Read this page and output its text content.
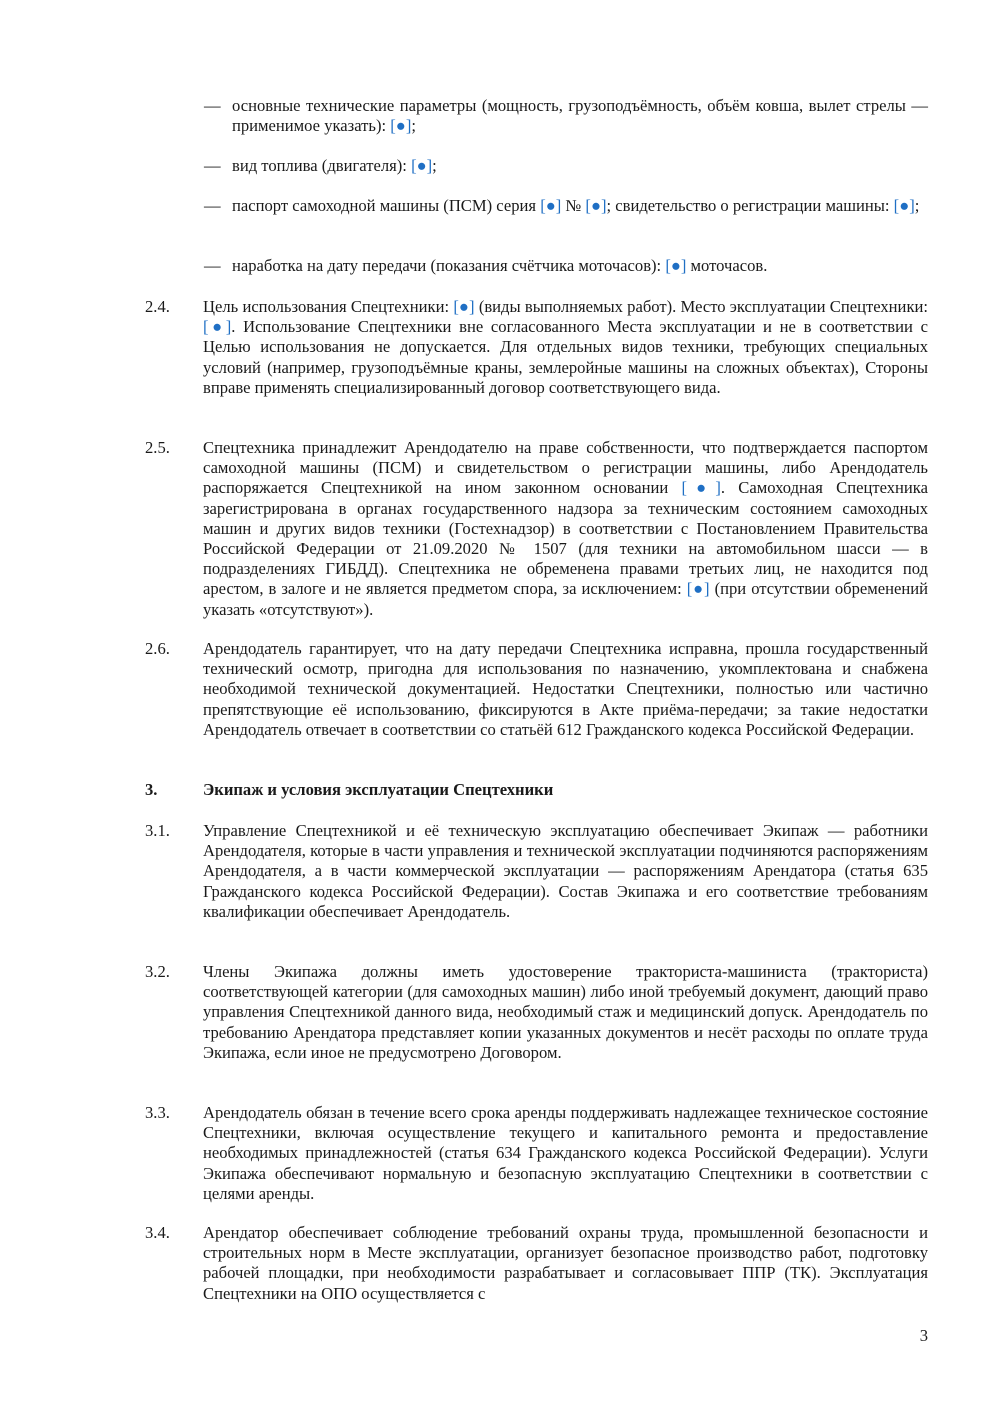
— основные технические параметры (мощность, грузоподъёмность, объём ковша, вылет стрелы — применимое указать): [●];
— вид топлива (двигателя): [●];
— паспорт самоходной машины (ПСМ) серия [●] № [●]; свидетельство о регистрации машины: [●];
— наработка на дату передачи (показания счётчика моточасов): [●] моточасов.
2.4. Цель использования Спецтехники: [●] (виды выполняемых работ). Место эксплуатации Спецтехники: [●]. Использование Спецтехники вне согласованного Места эксплуатации и не в соответствии с Целью использования не допускается. Для отдельных видов техники, требующих специальных условий (например, грузоподъёмные краны, землеройные машины на сложных объектах), Стороны вправе применять специализированный договор соответствующего вида.
2.5. Спецтехника принадлежит Арендодателю на праве собственности, что подтверждается паспортом самоходной машины (ПСМ) и свидетельством о регистрации машины, либо Арендодатель распоряжается Спецтехникой на ином законном основании [●]. Самоходная Спецтехника зарегистрирована в органах государственного надзора за техническим состоянием самоходных машин и других видов техники (Гостехнадзор) в соответствии с Постановлением Правительства Российской Федерации от 21.09.2020 № 1507 (для техники на автомобильном шасси — в подразделениях ГИБДД). Спецтехника не обременена правами третьих лиц, не находится под арестом, в залоге и не является предметом спора, за исключением: [●] (при отсутствии обременений указать «отсутствуют»).
2.6. Арендодатель гарантирует, что на дату передачи Спецтехника исправна, прошла государственный технический осмотр, пригодна для использования по назначению, укомплектована и снабжена необходимой технической документацией. Недостатки Спецтехники, полностью или частично препятствующие её использованию, фиксируются в Акте приёма-передачи; за такие недостатки Арендодатель отвечает в соответствии со статьёй 612 Гражданского кодекса Российской Федерации.
3.	Экипаж и условия эксплуатации Спецтехники
3.1. Управление Спецтехникой и её техническую эксплуатацию обеспечивает Экипаж — работники Арендодателя, которые в части управления и технической эксплуатации подчиняются распоряжениям Арендодателя, а в части коммерческой эксплуатации — распоряжениям Арендатора (статья 635 Гражданского кодекса Российской Федерации). Состав Экипажа и его соответствие требованиям квалификации обеспечивает Арендодатель.
3.2. Члены Экипажа должны иметь удостоверение тракториста-машиниста (тракториста) соответствующей категории (для самоходных машин) либо иной требуемый документ, дающий право управления Спецтехникой данного вида, необходимый стаж и медицинский допуск. Арендодатель по требованию Арендатора представляет копии указанных документов и несёт расходы по оплате труда Экипажа, если иное не предусмотрено Договором.
3.3. Арендодатель обязан в течение всего срока аренды поддерживать надлежащее техническое состояние Спецтехники, включая осуществление текущего и капитального ремонта и предоставление необходимых принадлежностей (статья 634 Гражданского кодекса Российской Федерации). Услуги Экипажа обеспечивают нормальную и безопасную эксплуатацию Спецтехники в соответствии с целями аренды.
3.4. Арендатор обеспечивает соблюдение требований охраны труда, промышленной безопасности и строительных норм в Месте эксплуатации, организует безопасное производство работ, подготовку рабочей площадки, при необходимости разрабатывает и согласовывает ППР (ТК). Эксплуатация Спецтехники на ОПО осуществляется с
3
